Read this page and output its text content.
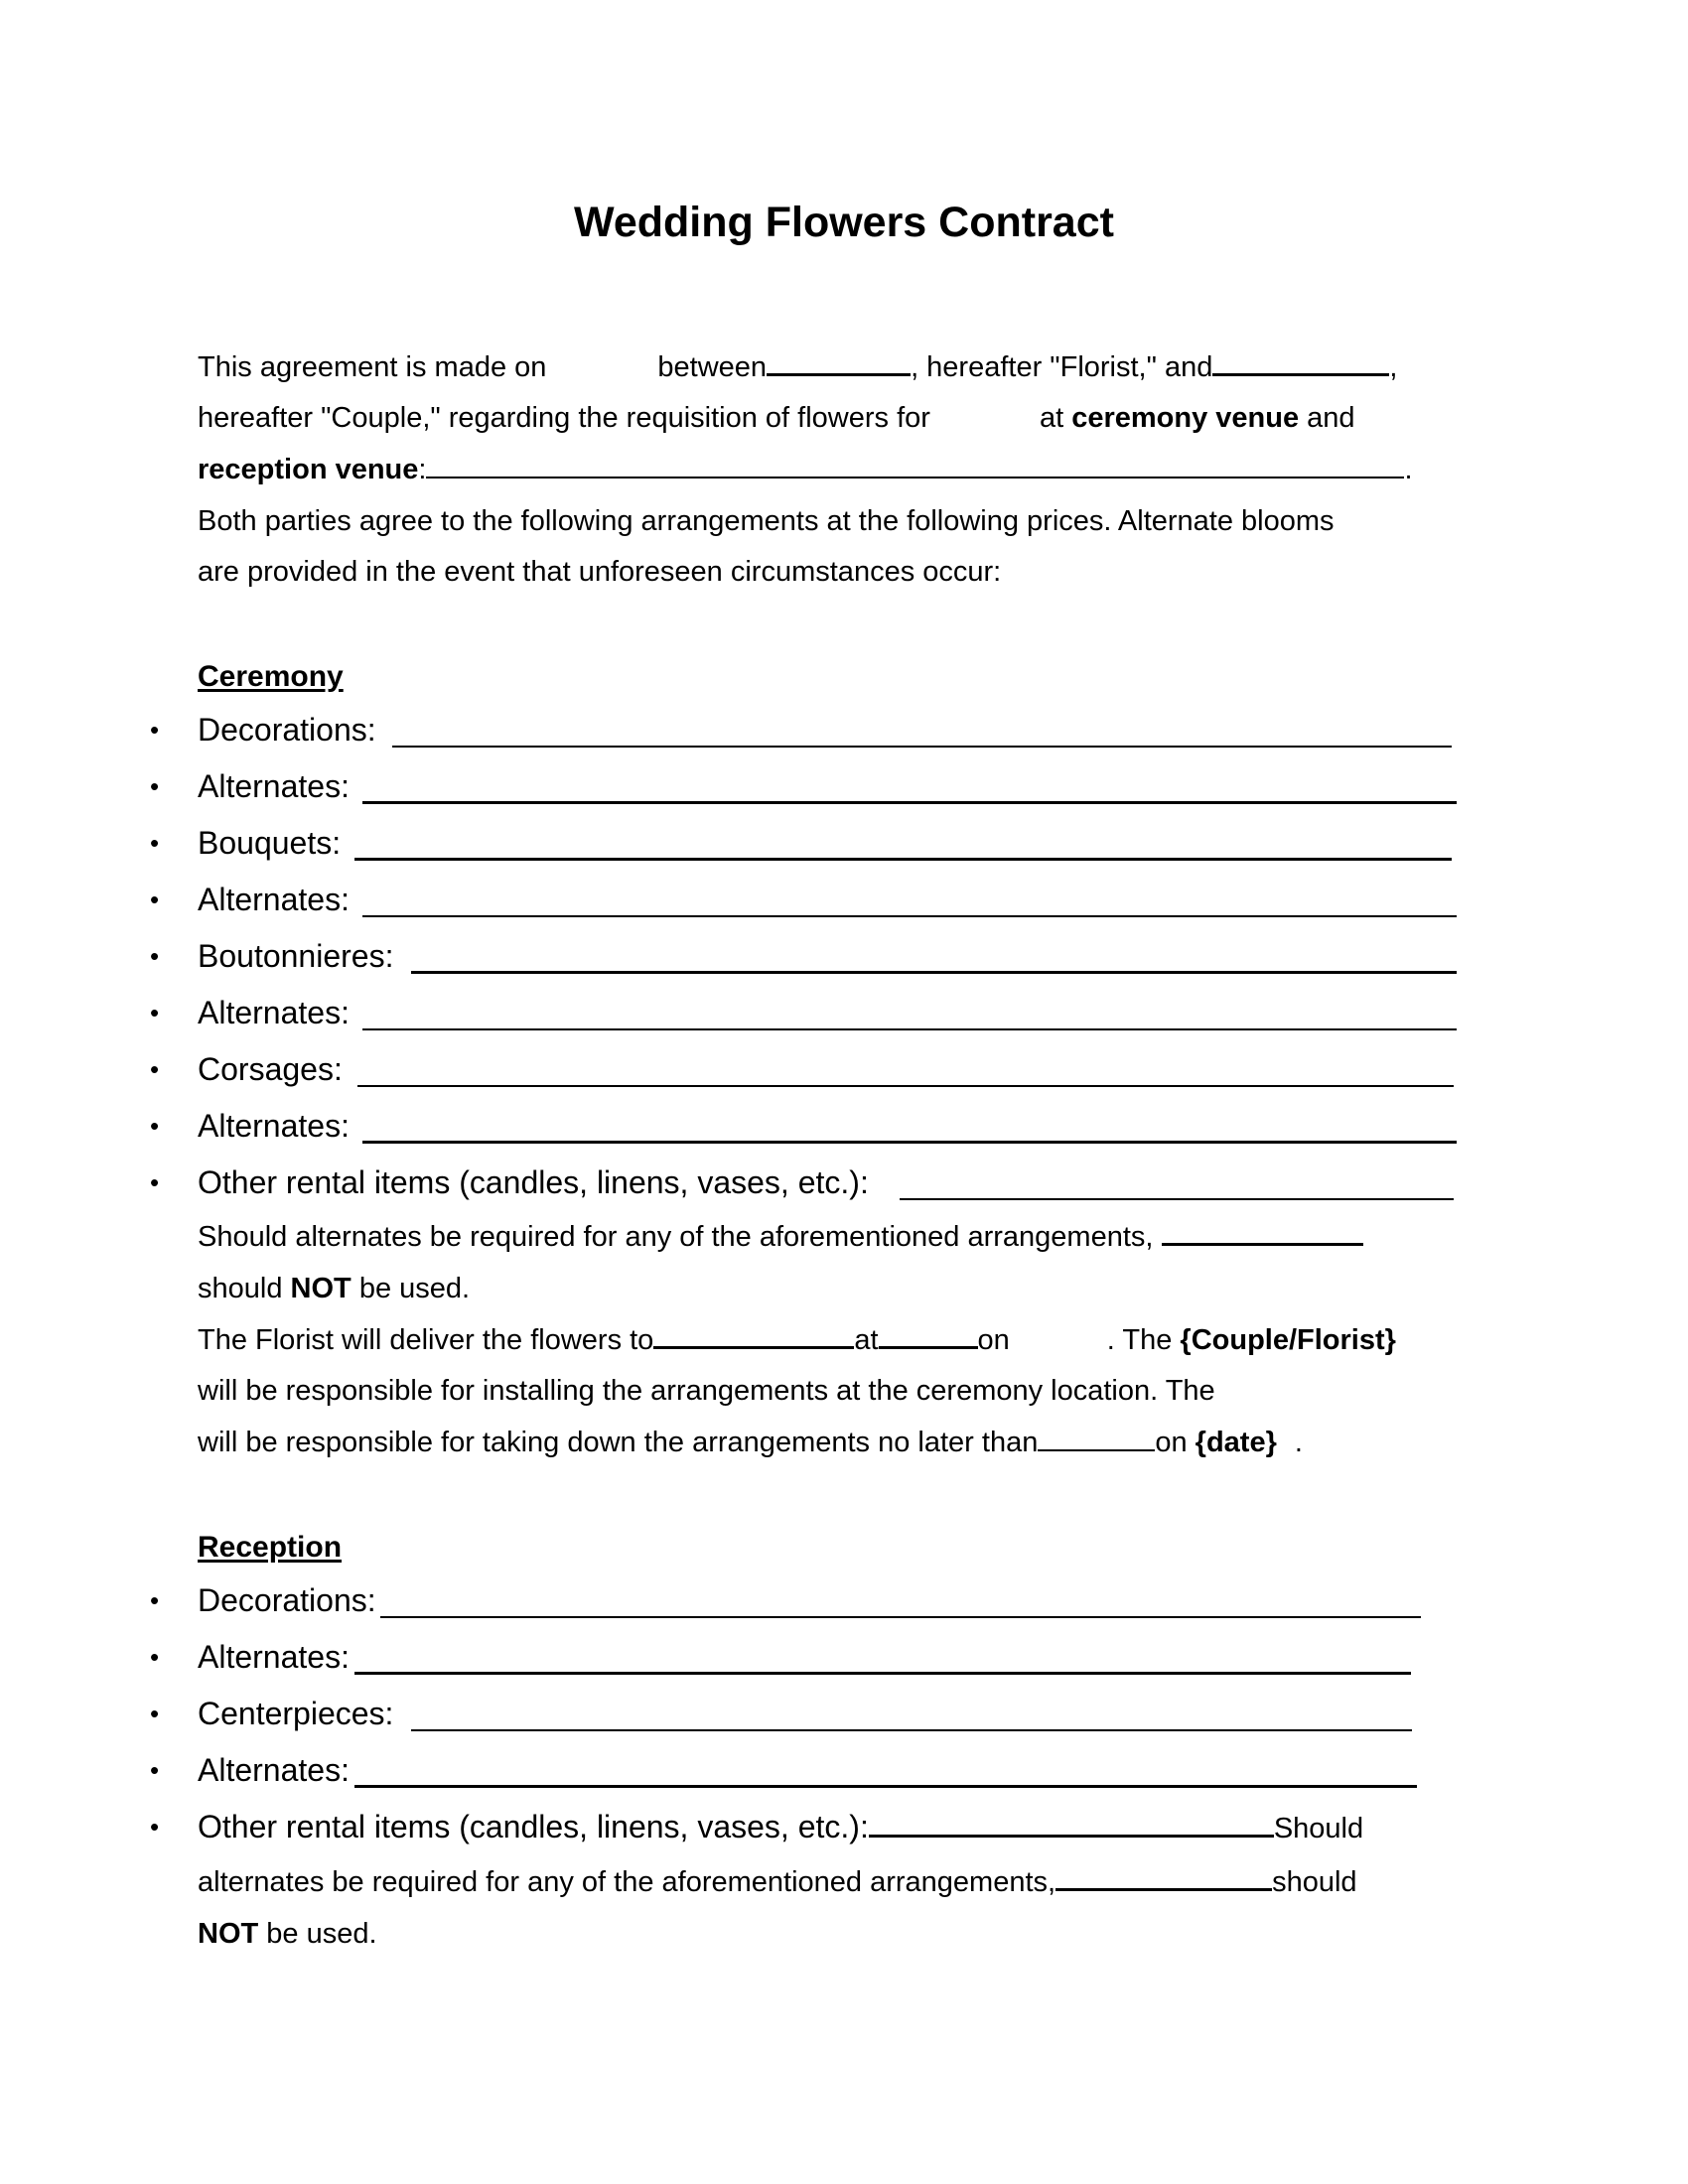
Wedding Flowers Contract
This agreement is made on	between	, hereafter "Florist," and	,
hereafter "Couple," regarding the requisition of flowers for	at ceremony venue and
reception venue:	.
Both parties agree to the following arrangements at the following prices. Alternate blooms
are provided in the event that unforeseen circumstances occur:
Ceremony
• Decorations:
• Alternates:
• Bouquets:
• Alternates:
• Boutonnieres:
• Alternates:
• Corsages:
• Alternates:
• Other rental items (candles, linens, vases, etc.):
Should alternates be required for any of the aforementioned arrangements,
should NOT be used.
The Florist will deliver the flowers to	at	on	. The {Couple/Florist}
will be responsible for installing the arrangements at the ceremony location. The
will be responsible for taking down the arrangements no later than	on {date} .
Reception
• Decorations:
• Alternates:
• Centerpieces:
• Alternates:
• Other rental items (candles, linens, vases, etc.):	Should
alternates be required for any of the aforementioned arrangements,	should
NOT be used.
